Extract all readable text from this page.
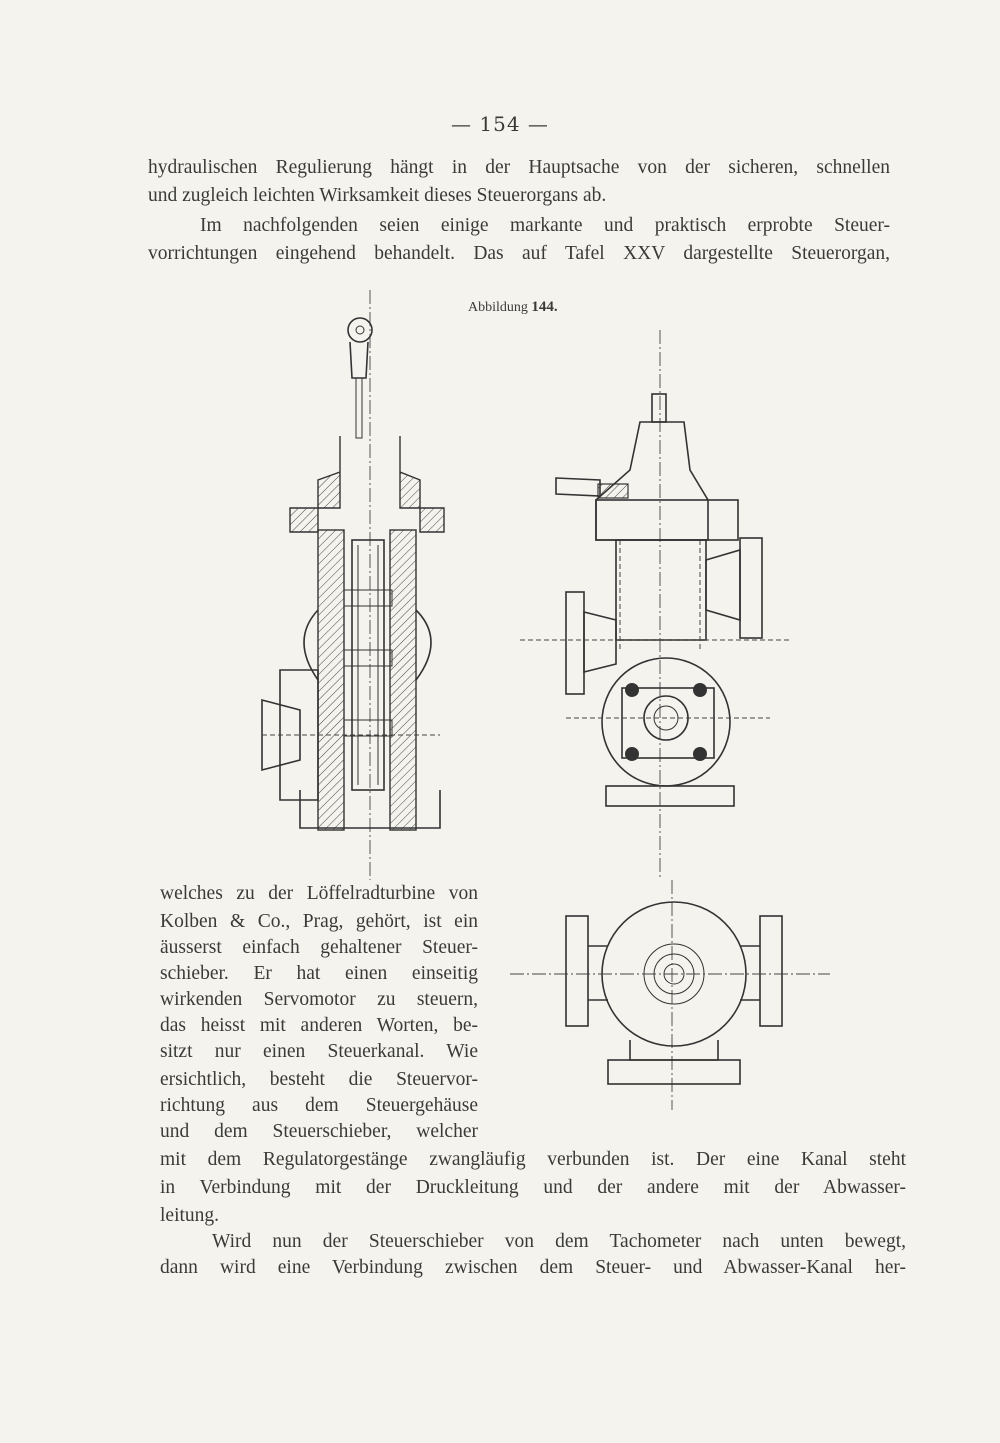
— 154 —
hydraulischen Regulierung hängt in der Hauptsache von der sicheren, schnellen
und zugleich leichten Wirksamkeit dieses Steuerorgans ab.
Im nachfolgenden seien einige markante und praktisch erprobte Steuer-
vorrichtungen eingehend behandelt. Das auf Tafel XXV dargestellte Steuerorgan,
Abbildung 144.
welches zu der Löffelradturbine von
Kolben & Co., Prag, gehört, ist ein
äusserst einfach gehaltener Steuer-
schieber. Er hat einen einseitig
wirkenden Servomotor zu steuern,
das heisst mit anderen Worten, be-
sitzt nur einen Steuerkanal. Wie
ersichtlich, besteht die Steuervor-
richtung aus dem Steuergehäuse
und dem Steuerschieber, welcher
mit dem Regulatorgestänge zwangläufig verbunden ist. Der eine Kanal steht
in Verbindung mit der Druckleitung und der andere mit der Abwasser-
leitung.
Wird nun der Steuerschieber von dem Tachometer nach unten bewegt,
dann wird eine Verbindung zwischen dem Steuer- und Abwasser-Kanal her-
